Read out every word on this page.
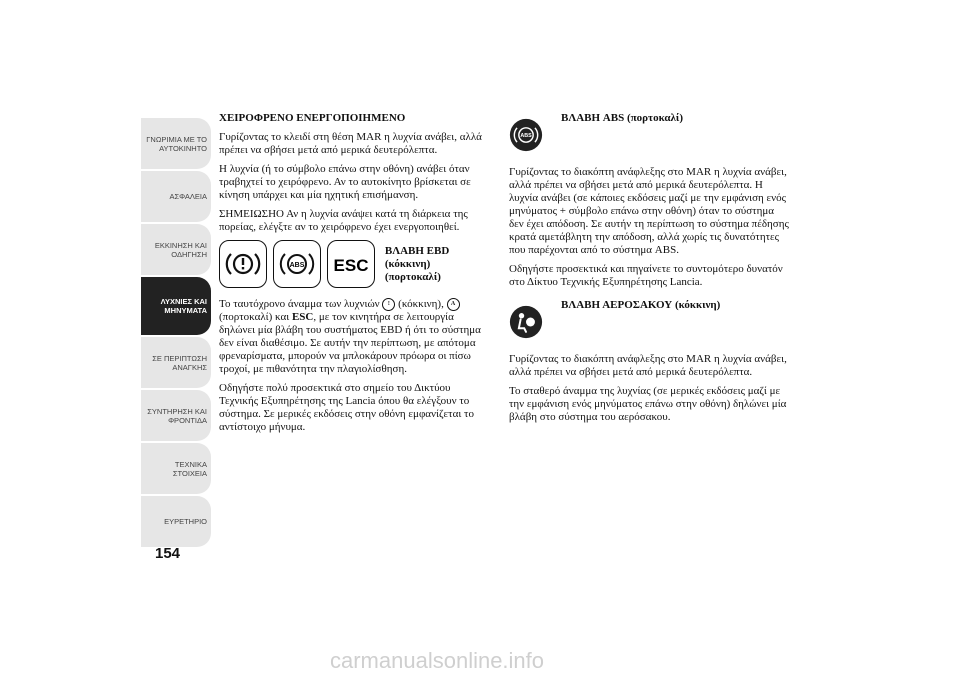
ΓΝΩΡΙΜΙΑ ΜΕ ΤΟ ΑΥΤΟΚΙΝΗΤΟ
ΑΣΦΑΛΕΙΑ
ΕΚΚΙΝΗΣΗ ΚΑΙ ΟΔΗΓΗΣΗ
ΛΥΧΝΙΕΣ ΚΑΙ ΜΗΝΥΜΑΤΑ
ΣΕ ΠΕΡΙΠΤΩΣΗ ΑΝΑΓΚΗΣ
ΣΥΝΤΗΡΗΣΗ ΚΑΙ ΦΡΟΝΤΙΔΑ
ΤΕΧΝΙΚΑ ΣΤΟΙΧΕΙΑ
ΕΥΡΕΤΗΡΙΟ
154

ΧΕΙΡΟΦΡΕΝΟ ΕΝΕΡΓΟΠΟΙΗΜΕΝΟ

Γυρίζοντας το κλειδί στη θέση MAR η λυχνία ανάβει, αλλά πρέπει να σβήσει μετά από μερικά δευτερόλεπτα.

Η λυχνία (ή το σύμβολο επάνω στην οθόνη) ανάβει όταν τραβηχτεί το χειρόφρενο. Αν το αυτοκίνητο βρίσκεται σε κίνηση υπάρχει και μία ηχητική επισήμανση.

ΣΗΜΕΙΩΣΗΟ Αν η λυχνία ανάψει κατά τη διάρκεια της πορείας, ελέγξτε αν το χειρόφρενο έχει ενεργοποιηθεί.

ABS ESC
ΒΛΑΒΗ EBD
(κόκκινη) (πορτοκαλί)

Το ταυτόχρονο άναμμα των λυχνιών ! (κόκκινη), A (πορτοκαλί) και ESC, με τον κινητήρα σε λειτουργία δηλώνει μία βλάβη του συστήματος EBD ή ότι το σύστημα δεν είναι διαθέσιμο. Σε αυτήν την περίπτωση, με απότομα φρεναρίσματα, μπορούν να μπλοκάρουν πρόωρα οι πίσω τροχοί, με πιθανότητα την πλαγιολίσθηση.

Οδηγήστε πολύ προσεκτικά στο σημείο του Δικτύου Τεχνικής Εξυπηρέτησης της Lancia όπου θα ελέγξουν το σύστημα. Σε μερικές εκδόσεις στην οθόνη εμφανίζεται το αντίστοιχο μήνυμα.

ABS
ΒΛΑΒΗ ABS (πορτοκαλί)

Γυρίζοντας το διακόπτη ανάφλεξης στο MAR η λυχνία ανάβει, αλλά πρέπει να σβήσει μετά από μερικά δευτερόλεπτα. Η λυχνία ανάβει (σε κάποιες εκδόσεις μαζί με την εμφάνιση ενός μηνύματος + σύμβολο επάνω στην οθόνη) όταν το σύστημα δεν έχει απόδοση. Σε αυτήν τη περίπτωση το σύστημα πέδησης κρατά αμετάβλητη την απόδοση, αλλά χωρίς τις δυνατότητες που παρέχονται από το σύστημα ABS.

Οδηγήστε προσεκτικά και πηγαίνετε το συντομότερο δυνατόν στο Δίκτυο Τεχνικής Εξυπηρέτησης Lancia.

ΒΛΑΒΗ ΑΕΡΟΣΑΚΟΥ (κόκκινη)

Γυρίζοντας το διακόπτη ανάφλεξης στο MAR η λυχνία ανάβει, αλλά πρέπει να σβήσει μετά από μερικά δευτερόλεπτα.

Το σταθερό άναμμα της λυχνίας (σε μερικές εκδόσεις μαζί με την εμφάνιση ενός μηνύματος επάνω στην οθόνη) δηλώνει μία βλάβη στο σύστημα του αερόσακου.

carmanualsonline.info
